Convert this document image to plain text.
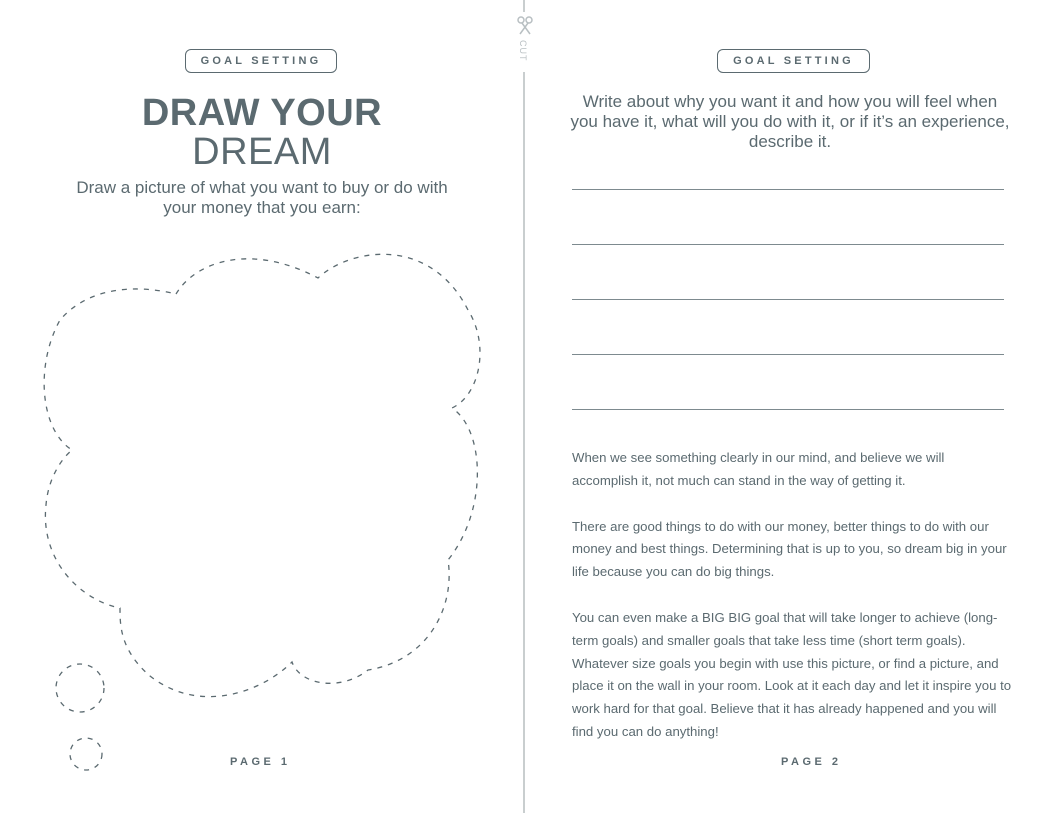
GOAL SETTING
DRAW YOUR
DREAM
Draw a picture of what you want to buy or do with your money that you earn:
PAGE 1
CUT	GOAL SETTING
Write about why you want it and how you will feel when you have it, what will you do with it, or if it’s an experience, describe it.

When we see something clearly in our mind, and believe we will accomplish it, not much can stand in the way of getting it.

There are good things to do with our money, better things to do with our money and best things. Determining that is up to you, so dream big in your life because you can do big things.

You can even make a BIG BIG goal that will take longer to achieve (long-term goals) and smaller goals that take less time (short term goals). Whatever size goals you begin with use this picture, or find a picture, and place it on the wall in your room. Look at it each day and let it inspire you to work hard for that goal. Believe that it has already happened and you will find you can do anything!

PAGE 2
